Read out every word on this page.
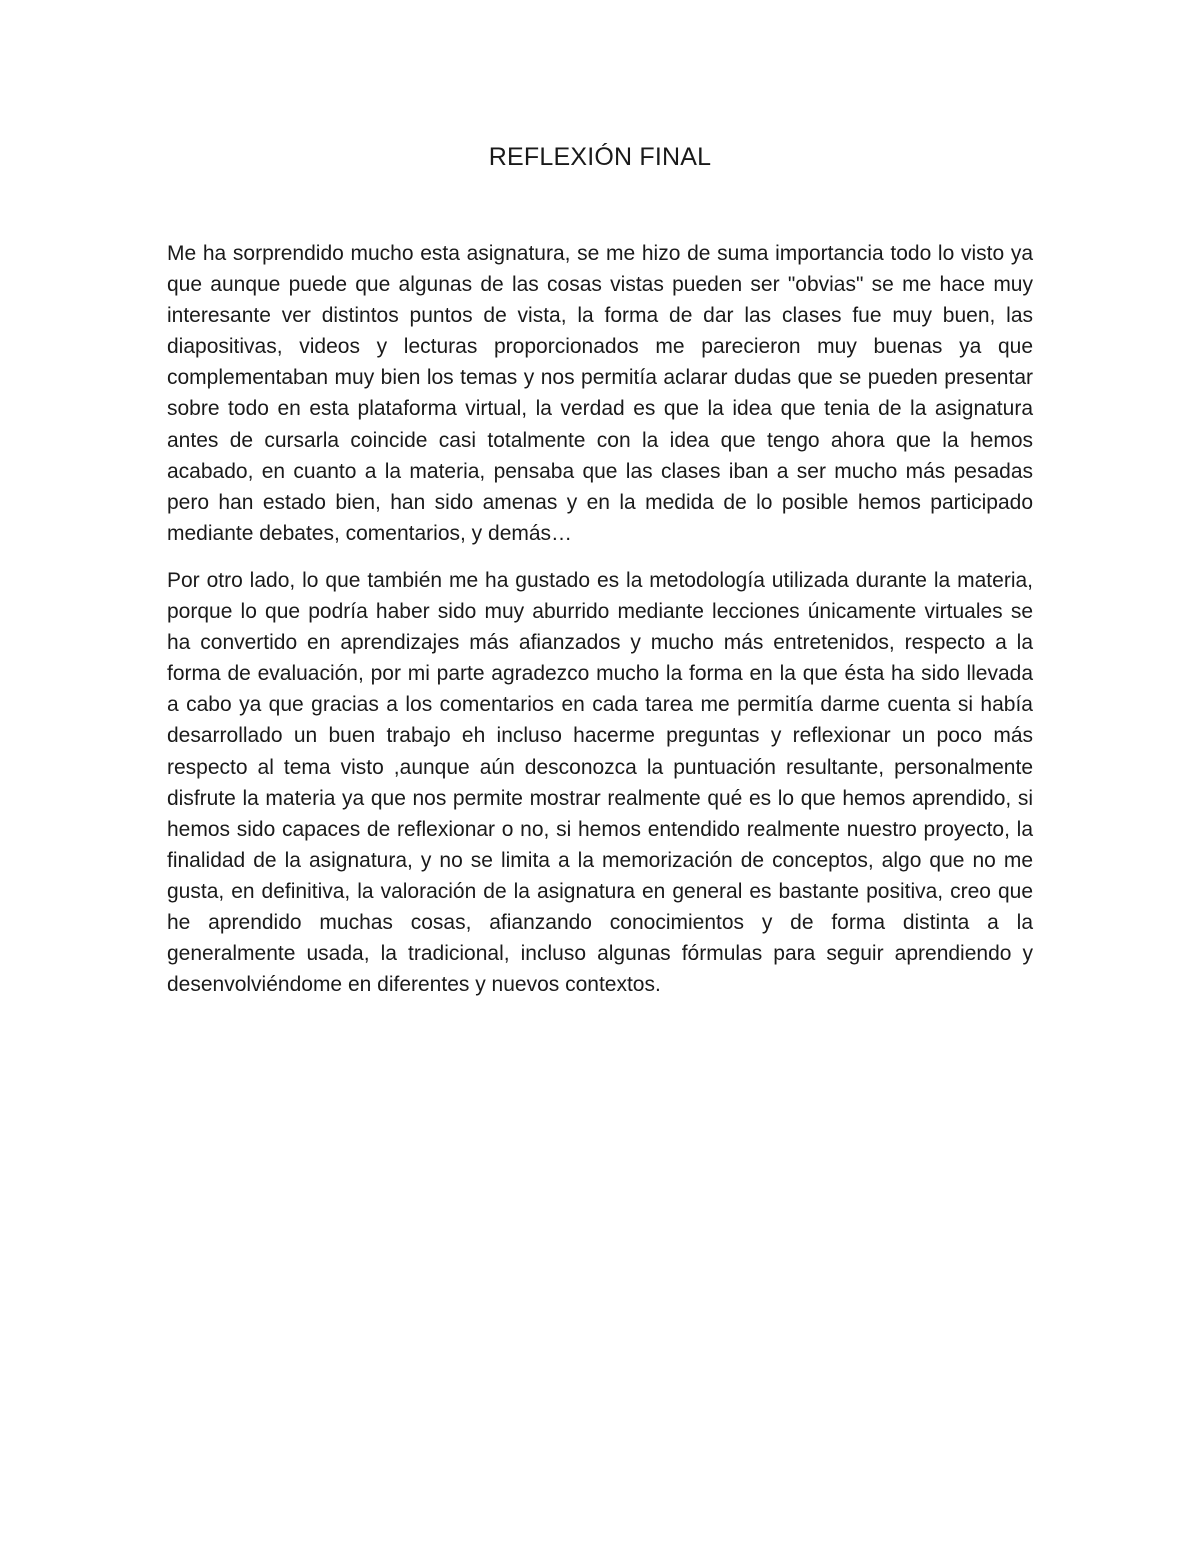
REFLEXIÓN FINAL

Me ha sorprendido mucho esta asignatura, se me hizo de suma importancia todo lo visto ya que aunque puede que algunas de las cosas vistas pueden ser "obvias" se me hace muy interesante ver distintos puntos de vista, la forma de dar las clases fue muy buen, las diapositivas, videos y lecturas proporcionados me parecieron muy buenas ya que complementaban muy bien los temas y nos permitía aclarar dudas que se pueden presentar sobre todo en esta plataforma virtual, la verdad es que la idea que tenia de la asignatura antes de cursarla coincide casi totalmente con la idea que tengo ahora que la hemos acabado, en cuanto a la materia, pensaba que las clases iban a ser mucho más pesadas pero han estado bien, han sido amenas y en la medida de lo posible hemos participado mediante debates, comentarios, y demás…

Por otro lado, lo que también me ha gustado es la metodología utilizada durante la materia, porque lo que podría haber sido muy aburrido mediante lecciones únicamente virtuales se ha convertido en aprendizajes más afianzados y mucho más entretenidos, respecto a la forma de evaluación, por mi parte agradezco mucho la forma en la que ésta ha sido llevada a cabo ya que gracias a los comentarios en cada tarea me permitía darme cuenta si había desarrollado un buen trabajo eh incluso hacerme preguntas y reflexionar un poco más respecto al tema visto ,aunque aún desconozca la puntuación resultante, personalmente disfrute la materia ya que nos permite mostrar realmente qué es lo que hemos aprendido, si hemos sido capaces de reflexionar o no, si hemos entendido realmente nuestro proyecto, la finalidad de la asignatura, y no se limita a la memorización de conceptos, algo que no me gusta, en definitiva, la valoración de la asignatura en general es bastante positiva, creo que he aprendido muchas cosas, afianzando conocimientos y de forma distinta a la generalmente usada, la tradicional, incluso algunas fórmulas para seguir aprendiendo y desenvolviéndome en diferentes y nuevos contextos.
